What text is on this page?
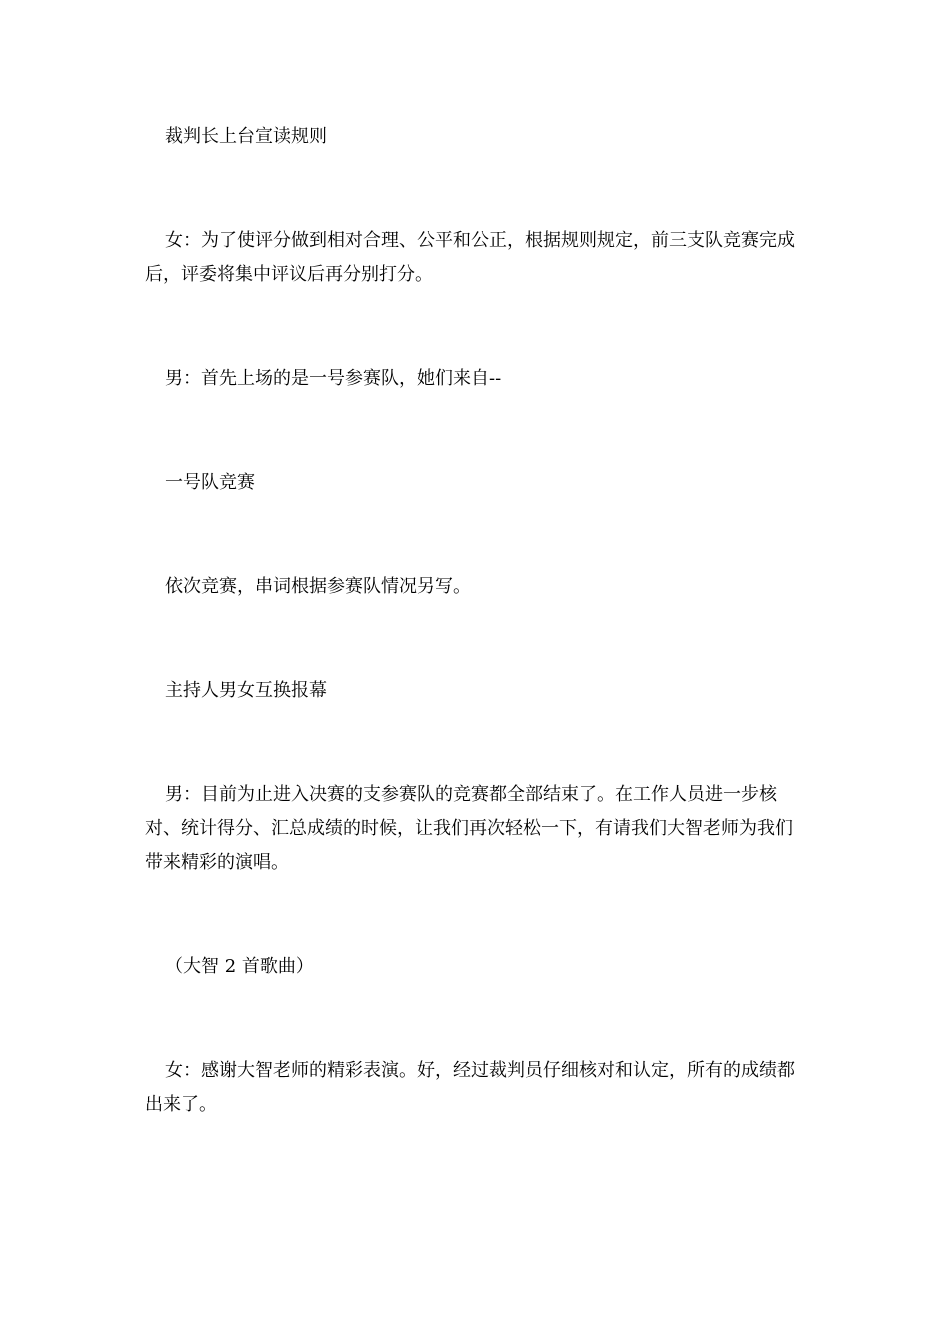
裁判长上台宣读规则

女：为了使评分做到相对合理、公平和公正，根据规则规定，前三支队竞赛完成后，评委将集中评议后再分别打分。

男：首先上场的是一号参赛队，她们来自--

一号队竞赛

依次竞赛，串词根据参赛队情况另写。

主持人男女互换报幕

男：目前为止进入决赛的支参赛队的竞赛都全部结束了。在工作人员进一步核对、统计得分、汇总成绩的时候，让我们再次轻松一下，有请我们大智老师为我们带来精彩的演唱。

（大智 2 首歌曲）

女：感谢大智老师的精彩表演。好，经过裁判员仔细核对和认定，所有的成绩都出来了。
